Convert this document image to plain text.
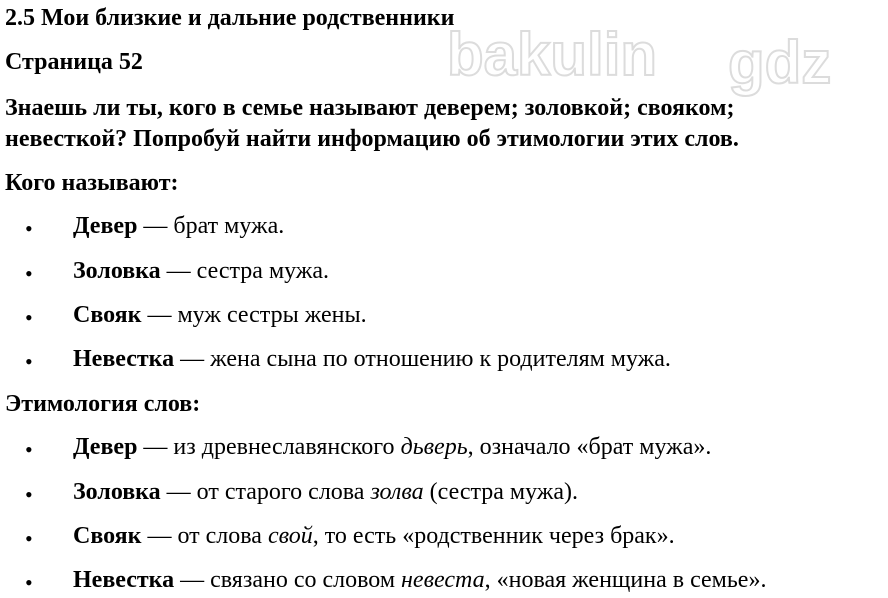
bakulin gdz
2.5 Мои близкие и дальние родственники
Страница 52
Знаешь ли ты, кого в семье называют деверем; золовкой; свояком;
невесткой? Попробуй найти информацию об этимологии этих слов.
Кого называют:
• Девер — брат мужа.
• Золовка — сестра мужа.
• Свояк — муж сестры жены.
• Невестка — жена сына по отношению к родителям мужа.
Этимология слов:
• Девер — из древнеславянского дьверь, означало «брат мужа».
• Золовка — от старого слова золва (сестра мужа).
• Свояк — от слова свой, то есть «родственник через брак».
• Невестка — связано со словом невеста, «новая женщина в семье».
